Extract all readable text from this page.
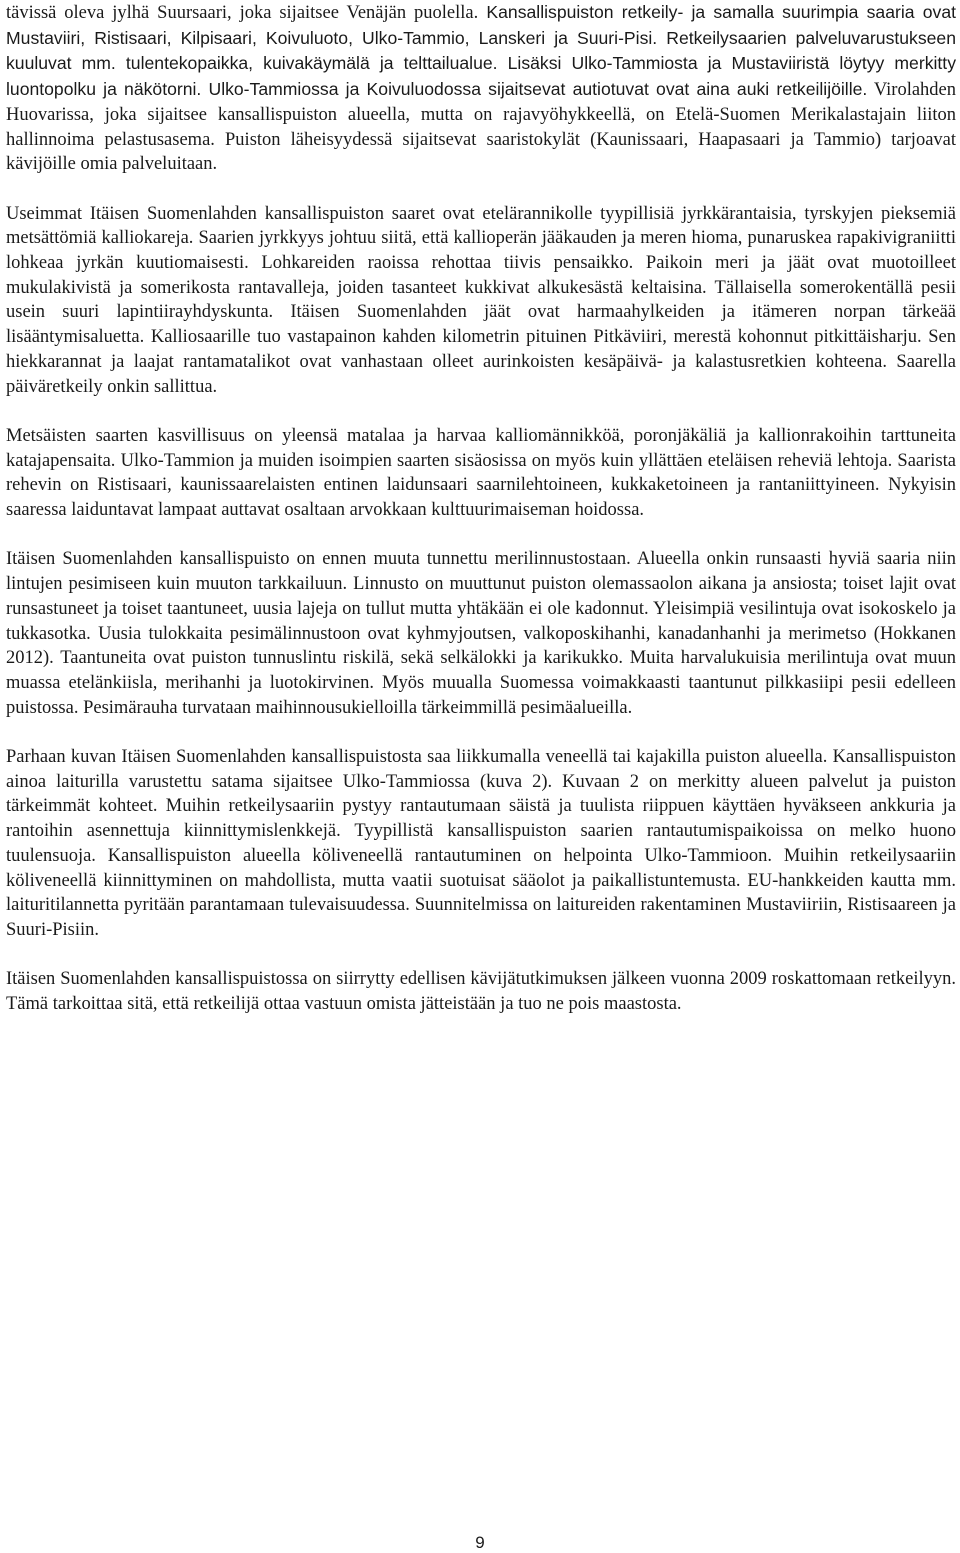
tävissä oleva jylhä Suursaari, joka sijaitsee Venäjän puolella. Kansallispuiston retkeily- ja samalla suurimpia saaria ovat Mustaviiri, Ristisaari, Kilpisaari, Koivuluoto, Ulko-Tammio, Lanskeri ja Suuri-Pisi. Retkeilysaarien palveluvarustukseen kuuluvat mm. tulentekopaikka, kuivakäymälä ja telttailualue. Lisäksi Ulko-Tammiosta ja Mustaviiristä löytyy merkitty luontopolku ja näkötorni. Ulko-Tammiossa ja Koivuluodossa sijaitsevat autiotuvat ovat aina auki retkeilijöille. Virolahden Huovarissa, joka sijaitsee kansallispuiston alueella, mutta on rajavyöhykkeellä, on Etelä-Suomen Merikalastajain liiton hallinnoima pelastusasema. Puiston läheisyydessä sijaitsevat saaristokylät (Kaunissaari, Haapasaari ja Tammio) tarjoavat kävijöille omia palveluitaan.

Useimmat Itäisen Suomenlahden kansallispuiston saaret ovat etelärannikolle tyypillisiä jyrkkärantaisia, tyrskyjen pieksemiä metsättömiä kalliokareja. Saarien jyrkkyys johtuu siitä, että kallioperän jääkauden ja meren hioma, punaruskea rapakivigraniitti lohkeaa jyrkän kuutiomaisesti. Lohkareiden raoissa rehottaa tiivis pensaikko. Paikoin meri ja jäät ovat muotoilleet mukulakivistä ja somerikosta rantavalleja, joiden tasanteet kukkivat alkukesästä keltaisina. Tällaisella somerokentällä pesii usein suuri lapintiirayhdyskunta. Itäisen Suomenlahden jäät ovat harmaahylkeiden ja itämeren norpan tärkeää lisääntymisaluetta. Kalliosaarille tuo vastapainon kahden kilometrin pituinen Pitkäviiri, merestä kohonnut pitkittäisharju. Sen hiekkarannat ja laajat rantamatalikot ovat vanhastaan olleet aurinkoisten kesäpäivä- ja kalastusretkien kohteena. Saarella päiväretkeily onkin sallittua.

Metsäisten saarten kasvillisuus on yleensä matalaa ja harvaa kalliomännikköä, poronjäkäliä ja kallionrakoihin tarttuneita katajapensaita. Ulko-Tammion ja muiden isoimpien saarten sisäosissa on myös kuin yllättäen eteläisen reheviä lehtoja. Saarista rehevin on Ristisaari, kaunissaarelaisten entinen laidunsaari saarnilehtoineen, kukkaketoineen ja rantaniittyineen. Nykyisin saaressa laiduntavat lampaat auttavat osaltaan arvokkaan kulttuurimaiseman hoidossa.

Itäisen Suomenlahden kansallispuisto on ennen muuta tunnettu merilinnustostaan. Alueella onkin runsaasti hyviä saaria niin lintujen pesimiseen kuin muuton tarkkailuun. Linnusto on muuttunut puiston olemassaolon aikana ja ansiosta; toiset lajit ovat runsastuneet ja toiset taantuneet, uusia lajeja on tullut mutta yhtäkään ei ole kadonnut. Yleisimpiä vesilintuja ovat isokoskelo ja tukkasotka. Uusia tulokkaita pesimälinnustoon ovat kyhmyjoutsen, valkoposkihanhi, kanadanhanhi ja merimetso (Hokkanen 2012). Taantuneita ovat puiston tunnuslintu riskilä, sekä selkälokki ja karikukko. Muita harvalukuisia merilintuja ovat muun muassa etelänkiisla, merihanhi ja luotokirvinen. Myös muualla Suomessa voimakkaasti taantunut pilkkasiipi pesii edelleen puistossa. Pesimärauha turvataan maihinnousukielloilla tärkeimmillä pesimäalueilla.

Parhaan kuvan Itäisen Suomenlahden kansallispuistosta saa liikkumalla veneellä tai kajakilla puiston alueella. Kansallispuiston ainoa laiturilla varustettu satama sijaitsee Ulko-Tammiossa (kuva 2). Kuvaan 2 on merkitty alueen palvelut ja puiston tärkeimmät kohteet. Muihin retkeilysaariin pystyy rantautumaan säistä ja tuulista riippuen käyttäen hyväkseen ankkuria ja rantoihin asennettuja kiinnittymislenkkejä. Tyypillistä kansallispuiston saarien rantautumispaikoissa on melko huono tuulensuoja. Kansallispuiston alueella köliveneellä rantautuminen on helpointa Ulko-Tammioon. Muihin retkeilysaariin köliveneellä kiinnittyminen on mahdollista, mutta vaatii suotuisat sääolot ja paikallistuntemusta. EU-hankkeiden kautta mm. laituritilannetta pyritään parantamaan tulevaisuudessa. Suunnitelmissa on laitureiden rakentaminen Mustaviiriin, Ristisaareen ja Suuri-Pisiin.

Itäisen Suomenlahden kansallispuistossa on siirrytty edellisen kävijätutkimuksen jälkeen vuonna 2009 roskattomaan retkeilyyn. Tämä tarkoittaa sitä, että retkeilijä ottaa vastuun omista jätteistään ja tuo ne pois maastosta.

9
